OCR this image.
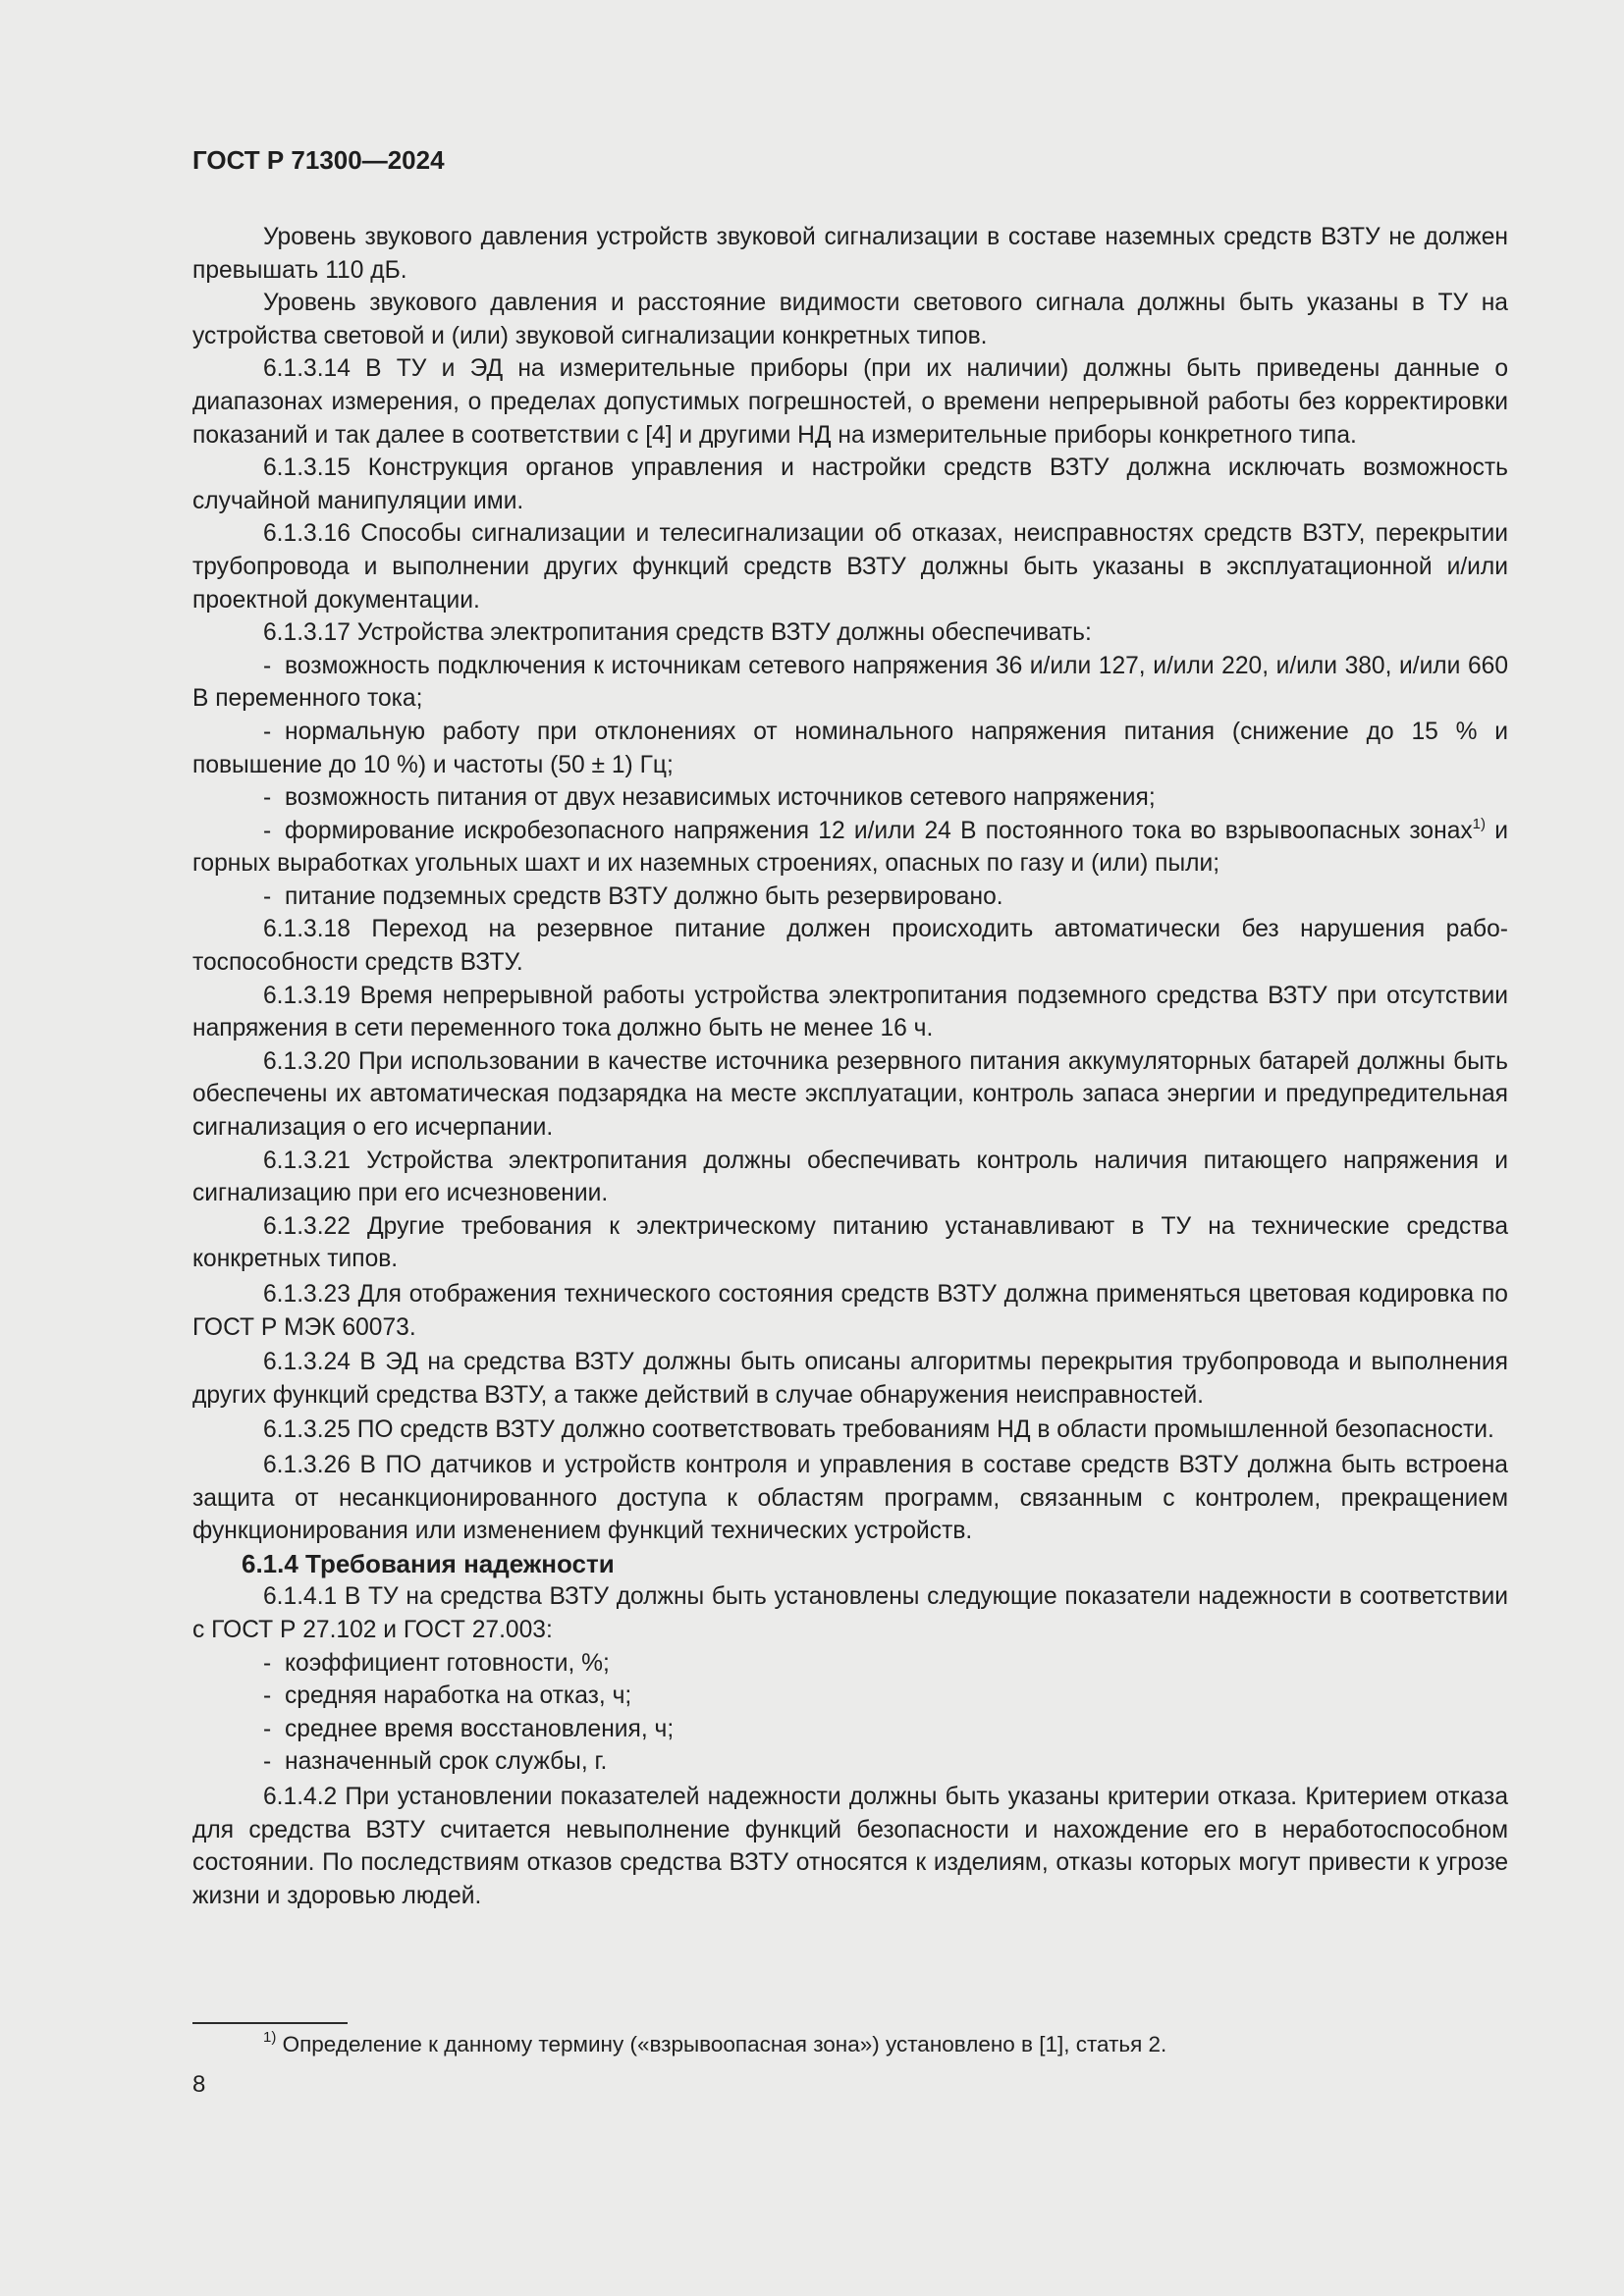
ГОСТ Р 71300—2024

Уровень звукового давления устройств звуковой сигнализации в составе наземных средств ВЗТУ не должен превышать 110 дБ.

Уровень звукового давления и расстояние видимости светового сигнала должны быть указаны в ТУ на устройства световой и (или) звуковой сигнализации конкретных типов.

6.1.3.14 В ТУ и ЭД на измерительные приборы (при их наличии) должны быть приведены данные о диапазонах измерения, о пределах допустимых погрешностей, о времени непрерывной работы без корректировки показаний и так далее в соответствии с [4] и другими НД на измерительные приборы конкретного типа.

6.1.3.15 Конструкция органов управления и настройки средств ВЗТУ должна исключать возможность случайной манипуляции ими.

6.1.3.16 Способы сигнализации и телесигнализации об отказах, неисправностях средств ВЗТУ, перекрытии трубопровода и выполнении других функций средств ВЗТУ должны быть указаны в эксплуатационной и/или проектной документации.

6.1.3.17 Устройства электропитания средств ВЗТУ должны обеспечивать:

- возможность подключения к источникам сетевого напряжения 36 и/или 127, и/или 220, и/или 380, и/или 660 В переменного тока;

- нормальную работу при отклонениях от номинального напряжения питания (снижение до 15 % и повышение до 10 %) и частоты (50 ± 1) Гц;

- возможность питания от двух независимых источников сетевого напряжения;

- формирование искробезопасного напряжения 12 и/или 24 В постоянного тока во взрывоопасных зонах$^{1)}$ и горных выработках угольных шахт и их наземных строениях, опасных по газу и (или) пыли;

- питание подземных средств ВЗТУ должно быть резервировано.

6.1.3.18 Переход на резервное питание должен происходить автоматически без нарушения работоспособности средств ВЗТУ.

6.1.3.19 Время непрерывной работы устройства электропитания подземного средства ВЗТУ при отсутствии напряжения в сети переменного тока должно быть не менее 16 ч.

6.1.3.20 При использовании в качестве источника резервного питания аккумуляторных батарей должны быть обеспечены их автоматическая подзарядка на месте эксплуатации, контроль запаса энергии и предупредительная сигнализация о его исчерпании.

6.1.3.21 Устройства электропитания должны обеспечивать контроль наличия питающего напряжения и сигнализацию при его исчезновении.

6.1.3.22 Другие требования к электрическому питанию устанавливают в ТУ на технические средства конкретных типов.

6.1.3.23 Для отображения технического состояния средств ВЗТУ должна применяться цветовая кодировка по ГОСТ Р МЭК 60073.

6.1.3.24 В ЭД на средства ВЗТУ должны быть описаны алгоритмы перекрытия трубопровода и выполнения других функций средства ВЗТУ, а также действий в случае обнаружения неисправностей.

6.1.3.25 ПО средств ВЗТУ должно соответствовать требованиям НД в области промышленной безопасности.

6.1.3.26 В ПО датчиков и устройств контроля и управления в составе средств ВЗТУ должна быть встроена защита от несанкционированного доступа к областям программ, связанным с контролем, прекращением функционирования или изменением функций технических устройств.

6.1.4 Требования надежности

6.1.4.1 В ТУ на средства ВЗТУ должны быть установлены следующие показатели надежности в соответствии с ГОСТ Р 27.102 и ГОСТ 27.003:

- коэффициент готовности, %;

- средняя наработка на отказ, ч;

- среднее время восстановления, ч;

- назначенный срок службы, г.

6.1.4.2 При установлении показателей надежности должны быть указаны критерии отказа. Критерием отказа для средства ВЗТУ считается невыполнение функций безопасности и нахождение его в неработоспособном состоянии. По последствиям отказов средства ВЗТУ относятся к изделиям, отказы которых могут привести к угрозе жизни и здоровью людей.

$^{1)}$ Определение к данному термину («взрывоопасная зона») установлено в [1], статья 2.

8
